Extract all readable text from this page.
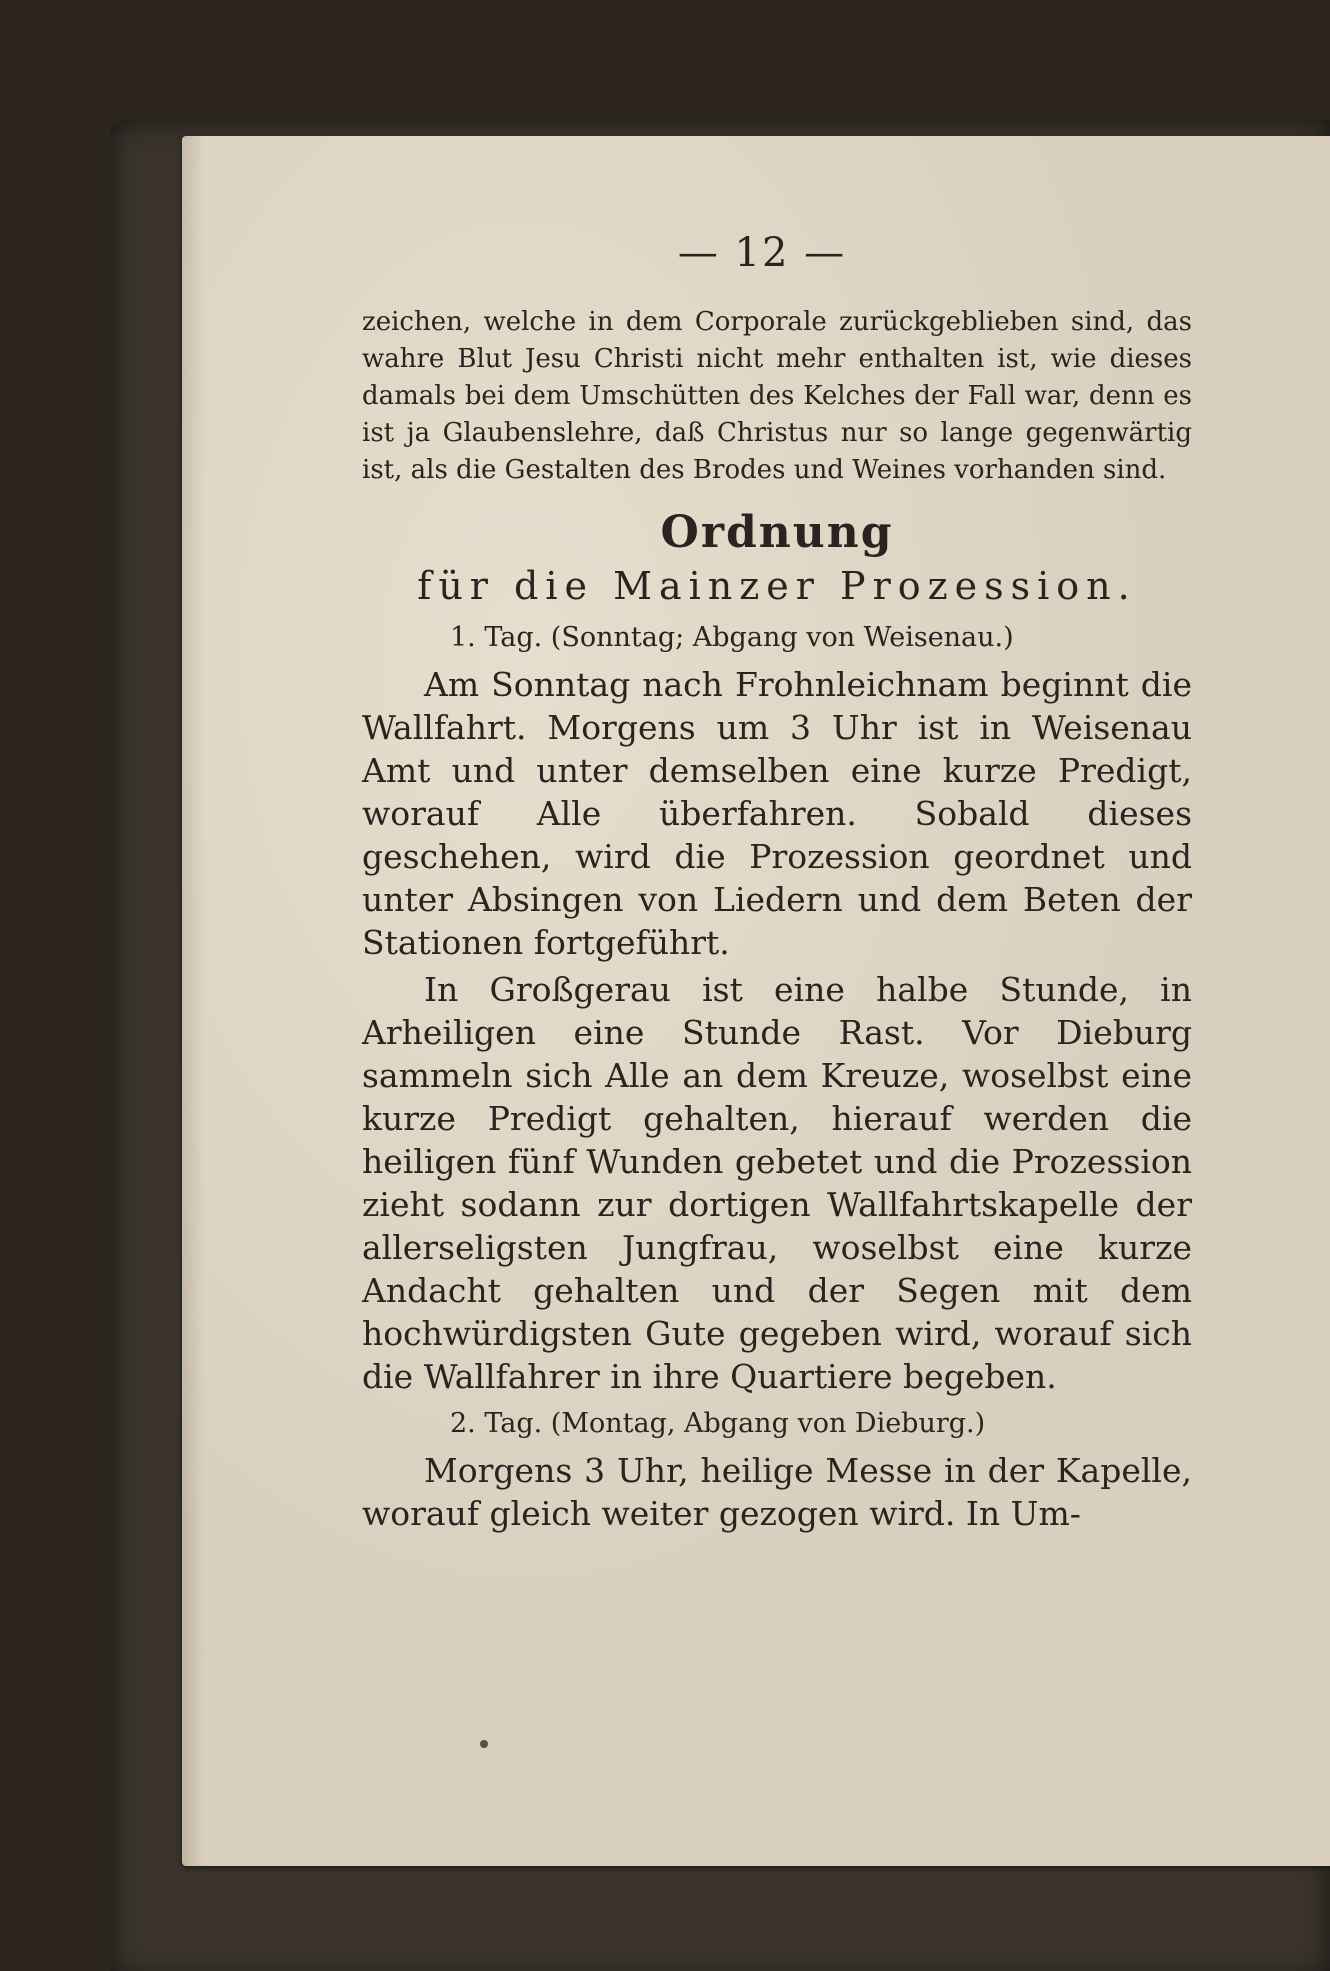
— 12 —

zeichen, welche in dem Corporale zurückgeblieben sind, das wahre Blut Jesu Christi nicht mehr enthalten ist, wie dieses damals bei dem Umschütten des Kelches der Fall war, denn es ist ja Glaubenslehre, daß Christus nur so lange gegenwärtig ist, als die Gestalten des Brodes und Weines vorhanden sind.

Ordnung
für die Mainzer Prozession.
1. Tag. (Sonntag; Abgang von Weisenau.)

Am Sonntag nach Frohnleichnam beginnt die Wallfahrt. Morgens um 3 Uhr ist in Weisenau Amt und unter demselben eine kurze Predigt, worauf Alle überfahren. Sobald dieses geschehen, wird die Prozession geordnet und unter Absingen von Liedern und dem Beten der Stationen fortgeführt.

In Großgerau ist eine halbe Stunde, in Arheiligen eine Stunde Rast. Vor Dieburg sammeln sich Alle an dem Kreuze, woselbst eine kurze Predigt gehalten, hierauf werden die heiligen fünf Wunden gebetet und die Prozession zieht sodann zur dortigen Wallfahrtskapelle der allerseligsten Jungfrau, woselbst eine kurze Andacht gehalten und der Segen mit dem hochwürdigsten Gute gegeben wird, worauf sich die Wallfahrer in ihre Quartiere begeben.

2. Tag. (Montag, Abgang von Dieburg.)

Morgens 3 Uhr, heilige Messe in der Kapelle, worauf gleich weiter gezogen wird. In Um-
